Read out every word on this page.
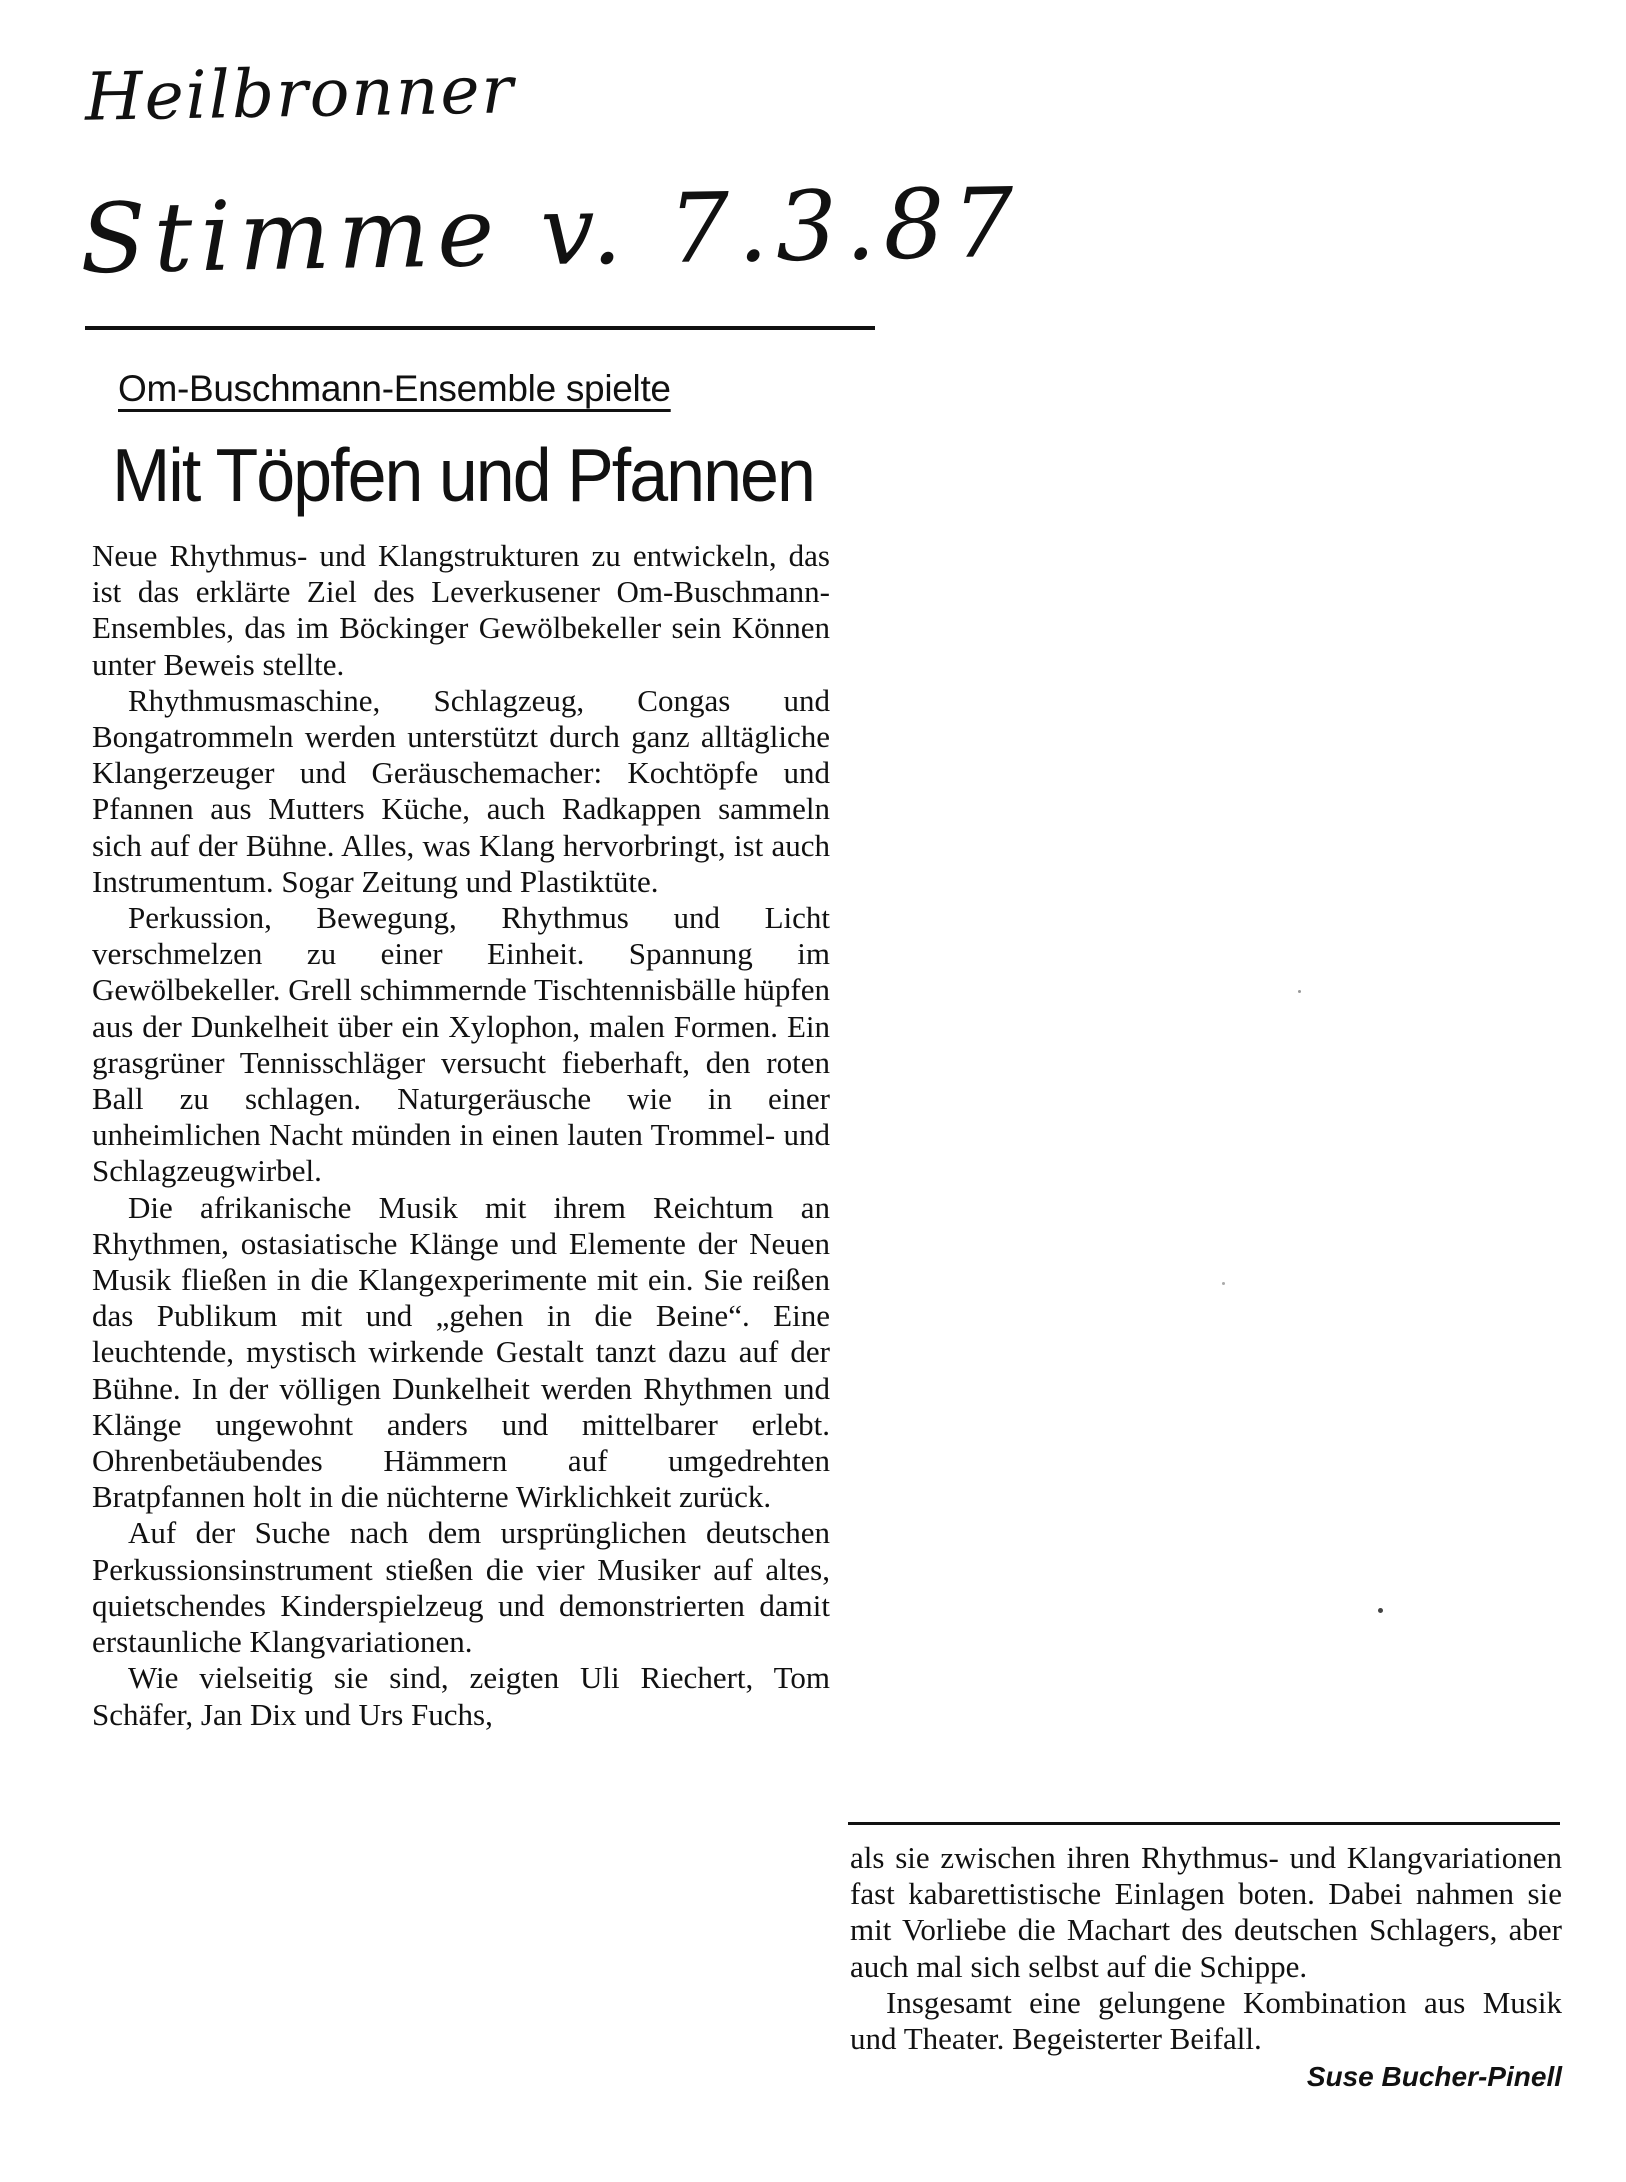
Heilbronner
Stimme v. 7.3.87
Om-Buschmann-Ensemble spielte
Mit Töpfen und Pfannen

Neue Rhythmus- und Klangstrukturen zu entwickeln, das ist das erklärte Ziel des Leverkusener Om-Buschmann-Ensembles, das im Böckinger Gewölbekeller sein Können unter Beweis stellte.

Rhythmusmaschine, Schlagzeug, Congas und Bongatrommeln werden unterstützt durch ganz alltägliche Klangerzeuger und Geräuschemacher: Kochtöpfe und Pfannen aus Mutters Küche, auch Radkappen sammeln sich auf der Bühne. Alles, was Klang hervorbringt, ist auch Instrumentum. Sogar Zeitung und Plastiktüte.

Perkussion, Bewegung, Rhythmus und Licht verschmelzen zu einer Einheit. Spannung im Gewölbekeller. Grell schimmernde Tischtennisbälle hüpfen aus der Dunkelheit über ein Xylophon, malen Formen. Ein grasgrüner Tennisschläger versucht fieberhaft, den roten Ball zu schlagen. Naturgeräusche wie in einer unheimlichen Nacht münden in einen lauten Trommel- und Schlagzeugwirbel.

Die afrikanische Musik mit ihrem Reichtum an Rhythmen, ostasiatische Klänge und Elemente der Neuen Musik fließen in die Klangexperimente mit ein. Sie reißen das Publikum mit und „gehen in die Beine“. Eine leuchtende, mystisch wirkende Gestalt tanzt dazu auf der Bühne. In der völligen Dunkelheit werden Rhythmen und Klänge ungewohnt anders und mittelbarer erlebt. Ohrenbetäubendes Hämmern auf umgedrehten Bratpfannen holt in die nüchterne Wirklichkeit zurück.

Auf der Suche nach dem ursprünglichen deutschen Perkussionsinstrument stießen die vier Musiker auf altes, quietschendes Kinderspielzeug und demonstrierten damit erstaunliche Klangvariationen.

Wie vielseitig sie sind, zeigten Uli Riechert, Tom Schäfer, Jan Dix und Urs Fuchs,

als sie zwischen ihren Rhythmus- und Klangvariationen fast kabarettistische Einlagen boten. Dabei nahmen sie mit Vorliebe die Machart des deutschen Schlagers, aber auch mal sich selbst auf die Schippe.

Insgesamt eine gelungene Kombination aus Musik und Theater. Begeisterter Beifall.

Suse Bucher-Pinell
